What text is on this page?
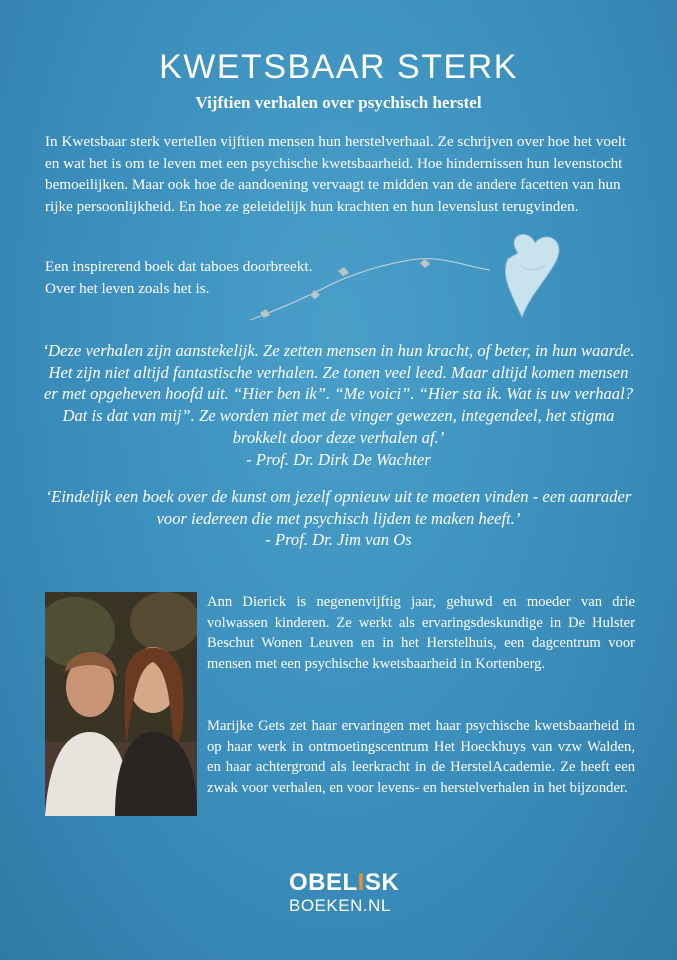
KWETSBAAR STERK
Vijftien verhalen over psychisch herstel
In Kwetsbaar sterk vertellen vijftien mensen hun herstelverhaal. Ze schrijven over hoe het voelt en wat het is om te leven met een psychische kwetsbaarheid. Hoe hindernissen hun levenstocht bemoeilijken. Maar ook hoe de aandoening vervaagt te midden van de andere facetten van hun rijke persoonlijkheid. En hoe ze geleidelijk hun krachten en hun levenslust terugvinden.
Een inspirerend boek dat taboes doorbreekt.
Over het leven zoals het is.
‘Deze verhalen zijn aanstekelijk. Ze zetten mensen in hun kracht, of beter, in hun waarde. Het zijn niet altijd fantastische verhalen. Ze tonen veel leed. Maar altijd komen mensen er met opgeheven hoofd uit. “Hier ben ik”. “Me voici”. “Hier sta ik. Wat is uw verhaal? Dat is dat van mij”. Ze worden niet met de vinger gewezen, integendeel, het stigma brokkelt door deze verhalen af.’
- Prof. Dr. Dirk De Wachter
‘Eindelijk een boek over de kunst om jezelf opnieuw uit te moeten vinden - een aanrader voor iedereen die met psychisch lijden te maken heeft.’
- Prof. Dr. Jim van Os
Ann Dierick is negenenvijftig jaar, gehuwd en moeder van drie volwassen kinderen. Ze werkt als ervaringsdeskundige in De Hulster Beschut Wonen Leuven en in het Herstelhuis, een dagcentrum voor mensen met een psychische kwetsbaarheid in Kortenberg.
Marijke Gets zet haar ervaringen met haar psychische kwetsbaarheid in op haar werk in ontmoetingscentrum Het Hoeckhuys van vzw Walden, en haar achtergrond als leerkracht in de HerstelAcademie. Ze heeft een zwak voor verhalen, en voor levens- en herstelverhalen in het bijzonder.
OBELISK
BOEKEN.NL
